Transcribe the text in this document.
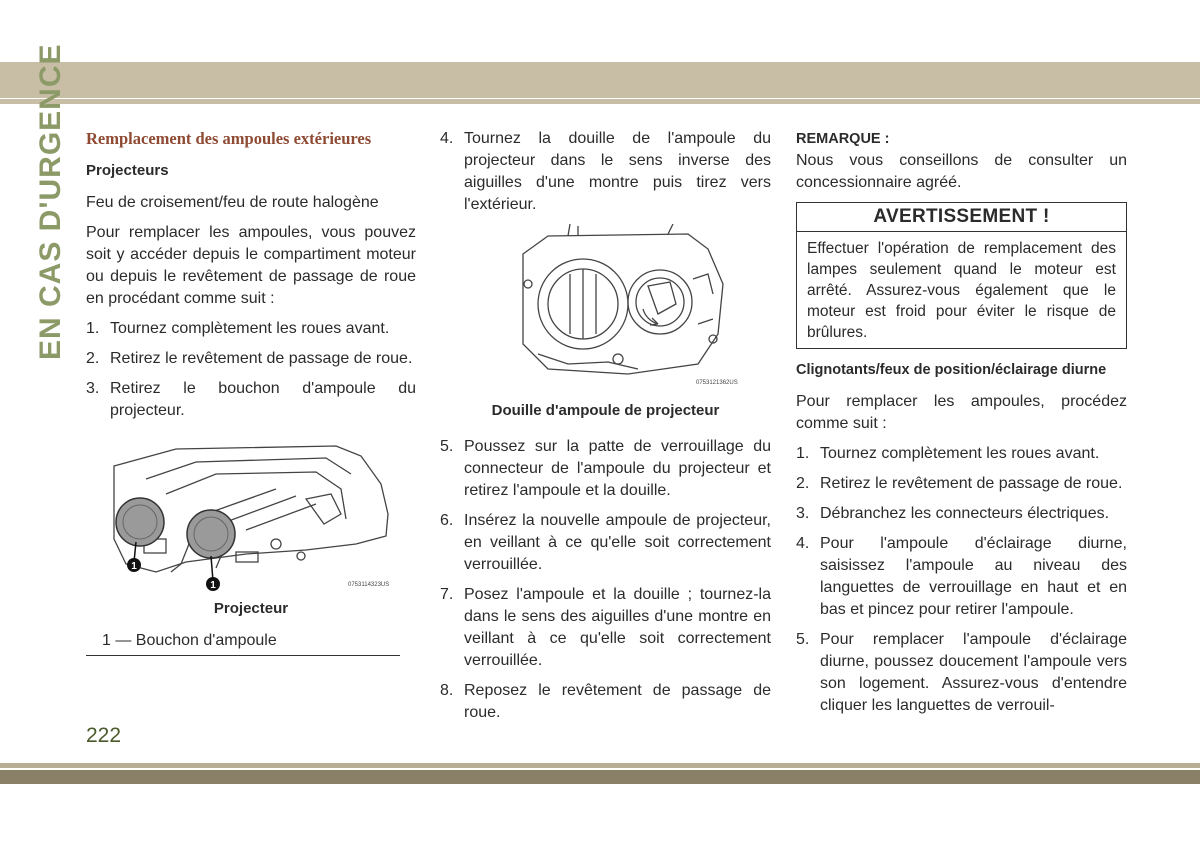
EN CAS D'URGENCE
222
Remplacement des ampoules extérieures
Projecteurs

Feu de croisement/feu de route halogène

Pour remplacer les ampoules, vous pouvez soit y accéder depuis le compartiment moteur ou depuis le revêtement de passage de roue en procédant comme suit :

1. Tournez complètement les roues avant.
2. Retirez le revêtement de passage de roue.
3. Retirez le bouchon d'ampoule du projecteur.
1
1	0753114323US
Projecteur
1 — Bouchon d'ampoule
4. Tournez la douille de l'ampoule du projecteur dans le sens inverse des aiguilles d'une montre puis tirez vers l'extérieur.
0753121362US
Douille d'ampoule de projecteur
5. Poussez sur la patte de verrouillage du connecteur de l'ampoule du projecteur et retirez l'ampoule et la douille.
6. Insérez la nouvelle ampoule de projecteur, en veillant à ce qu'elle soit correctement verrouillée.
7. Posez l'ampoule et la douille ; tournez-la dans le sens des aiguilles d'une montre en veillant à ce qu'elle soit correctement verrouillée.
8. Reposez le revêtement de passage de roue.
REMARQUE :

Nous vous conseillons de consulter un concessionnaire agréé.

AVERTISSEMENT !
Effectuer l'opération de remplacement des lampes seulement quand le moteur est arrêté. Assurez-vous également que le moteur est froid pour éviter le risque de brûlures.
Clignotants/feux de position/éclairage diurne

Pour remplacer les ampoules, procédez comme suit :

1. Tournez complètement les roues avant.
2. Retirez le revêtement de passage de roue.
3. Débranchez les connecteurs électriques.
4. Pour l'ampoule d'éclairage diurne, saisissez l'ampoule au niveau des languettes de verrouillage en haut et en bas et pincez pour retirer l'ampoule.
5. Pour remplacer l'ampoule d'éclairage diurne, poussez doucement l'ampoule vers son logement. Assurez-vous d'entendre cliquer les languettes de verrouil-
